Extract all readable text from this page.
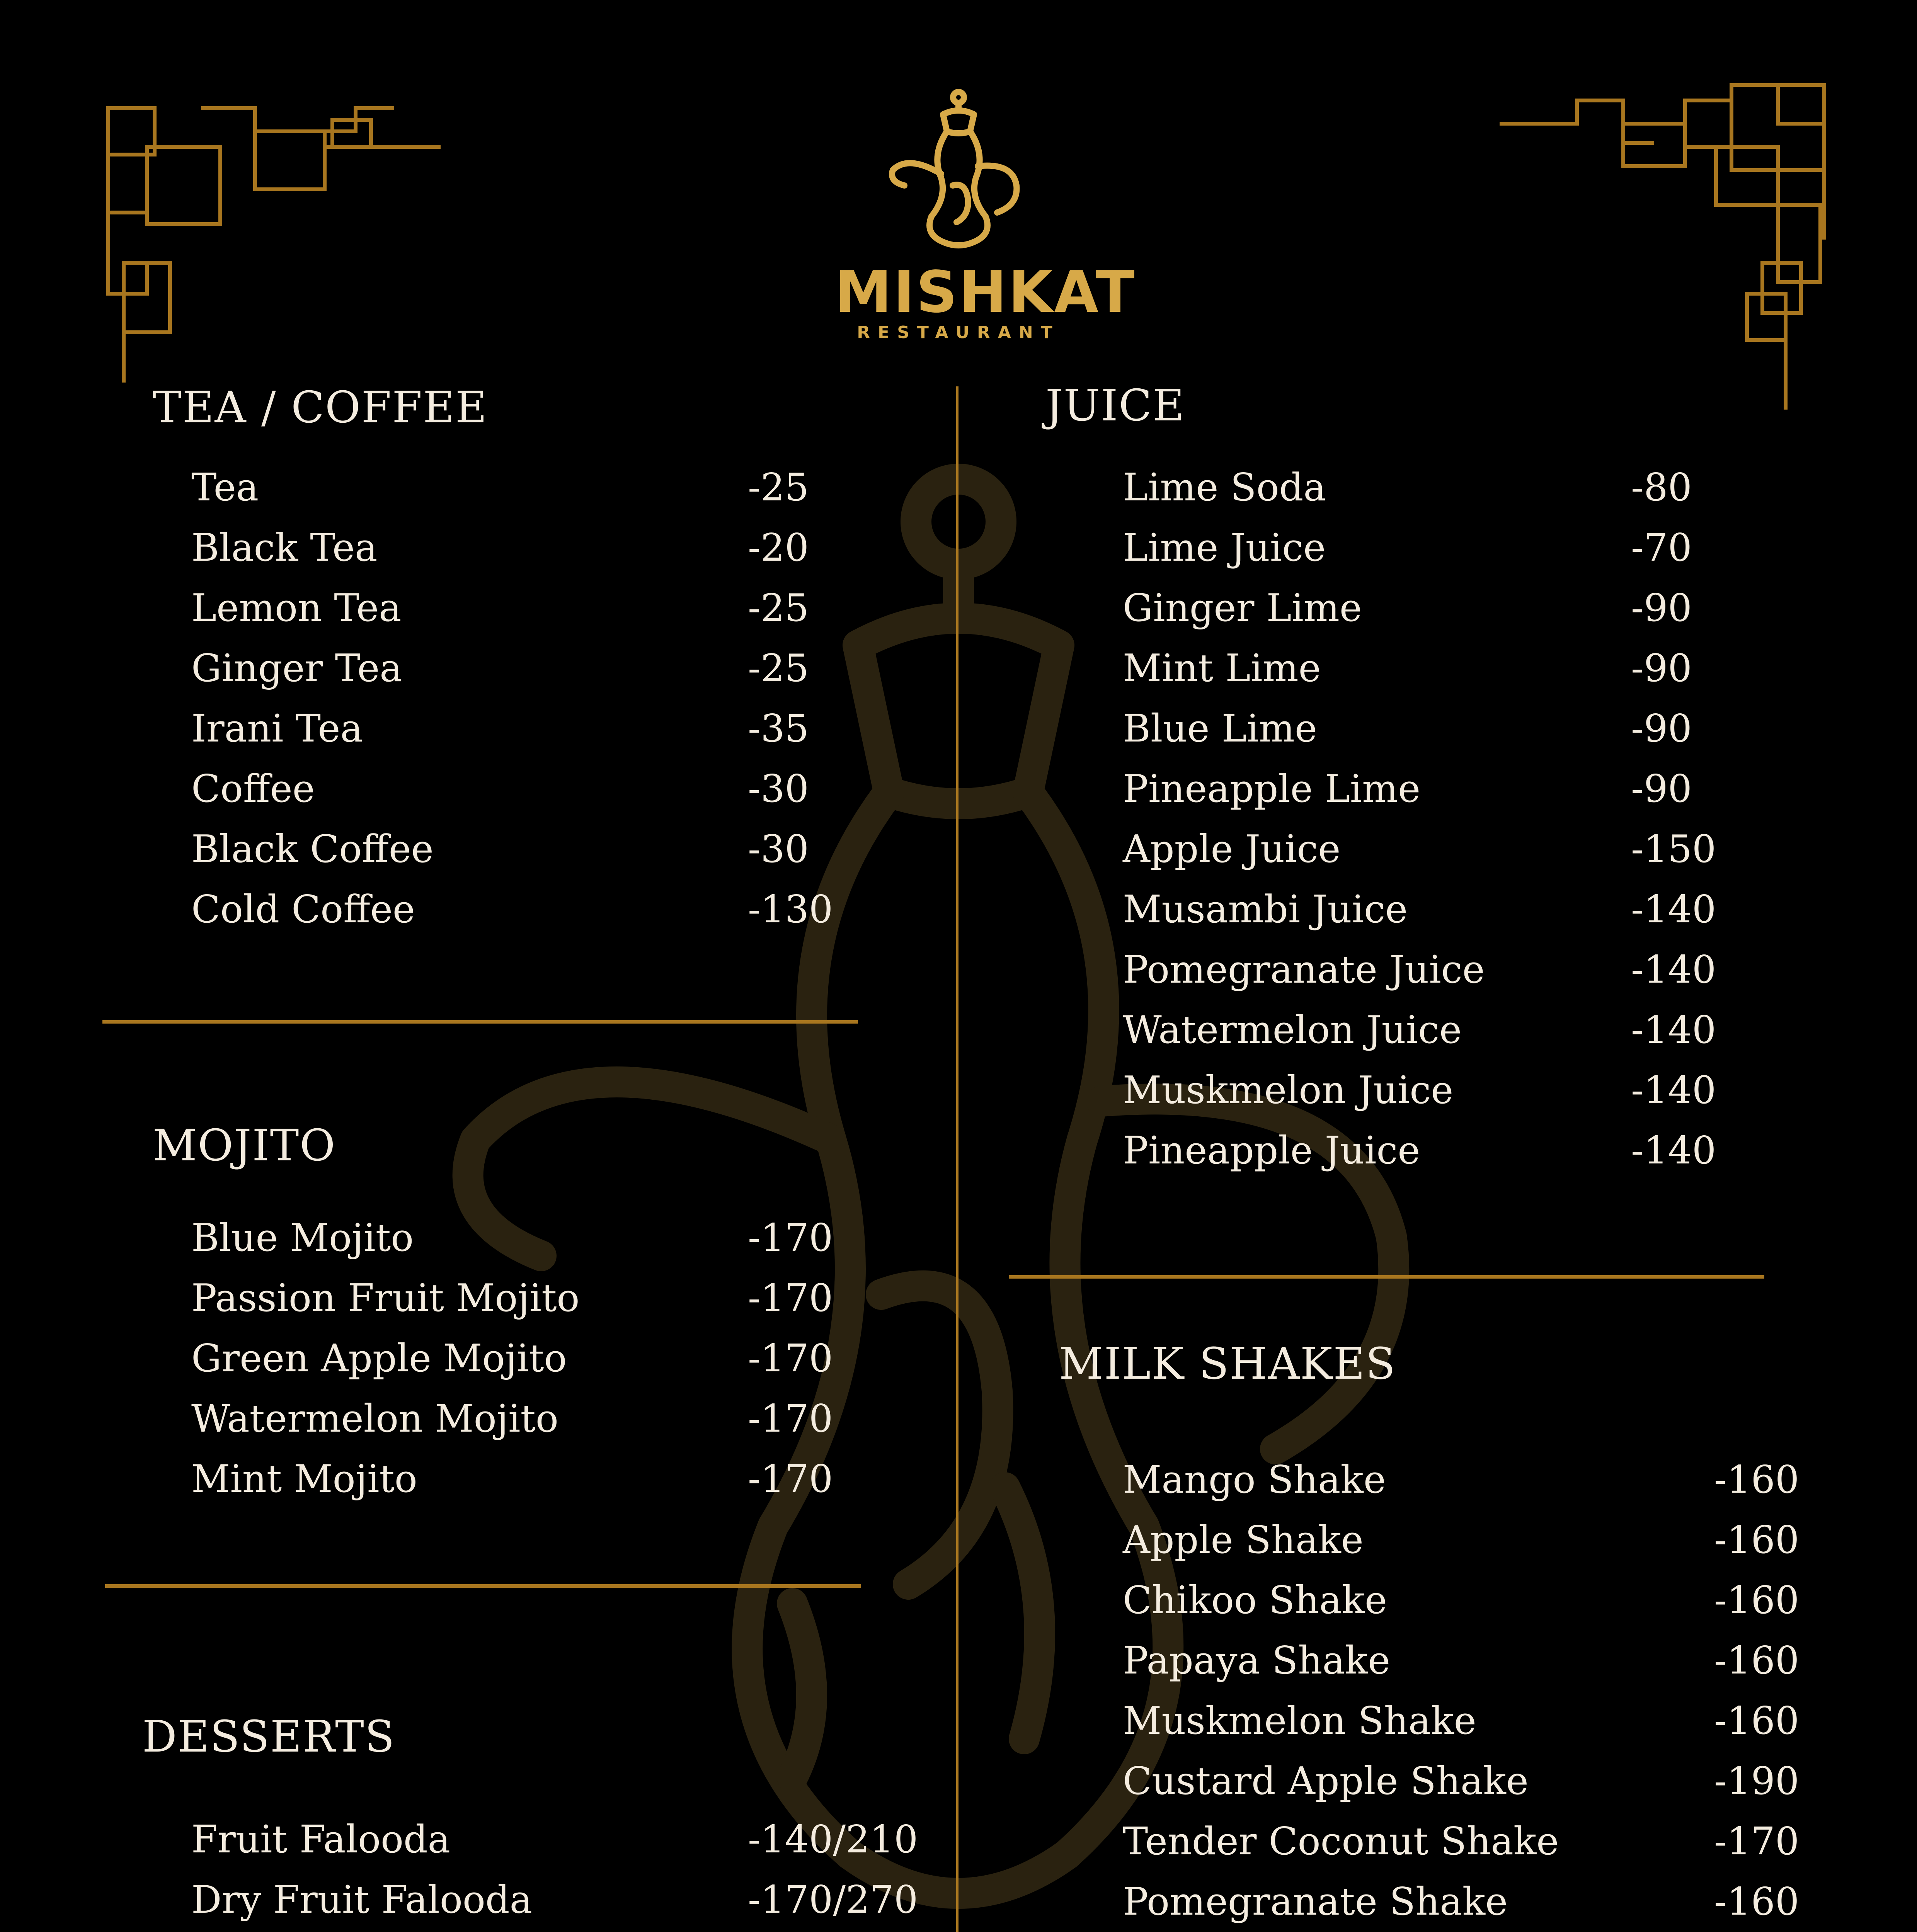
MISHKAT
RESTAURANT
TEA / COFFEE
Tea	-25
Black Tea	-20
Lemon Tea	-25
Ginger Tea	-25
Irani Tea	-35
Coffee	-30
Black Coffee	-30
Cold Coffee	-130
MOJITO
Blue Mojito	-170
Passion Fruit Mojito	-170
Green Apple Mojito	-170
Watermelon Mojito	-170
Mint Mojito	-170
DESSERTS
Fruit Falooda	-140/210
Dry Fruit Falooda	-170/270
JUICE
Lime Soda	-80
Lime Juice	-70
Ginger Lime	-90
Mint Lime	-90
Blue Lime	-90
Pineapple Lime	-90
Apple Juice	-150
Musambi Juice	-140
Pomegranate Juice	-140
Watermelon Juice	-140
Muskmelon Juice	-140
Pineapple Juice	-140
MILK SHAKES
Mango Shake	-160
Apple Shake	-160
Chikoo Shake	-160
Papaya Shake	-160
Muskmelon Shake	-160
Custard Apple Shake	-190
Tender Coconut Shake	-170
Pomegranate Shake	-160
